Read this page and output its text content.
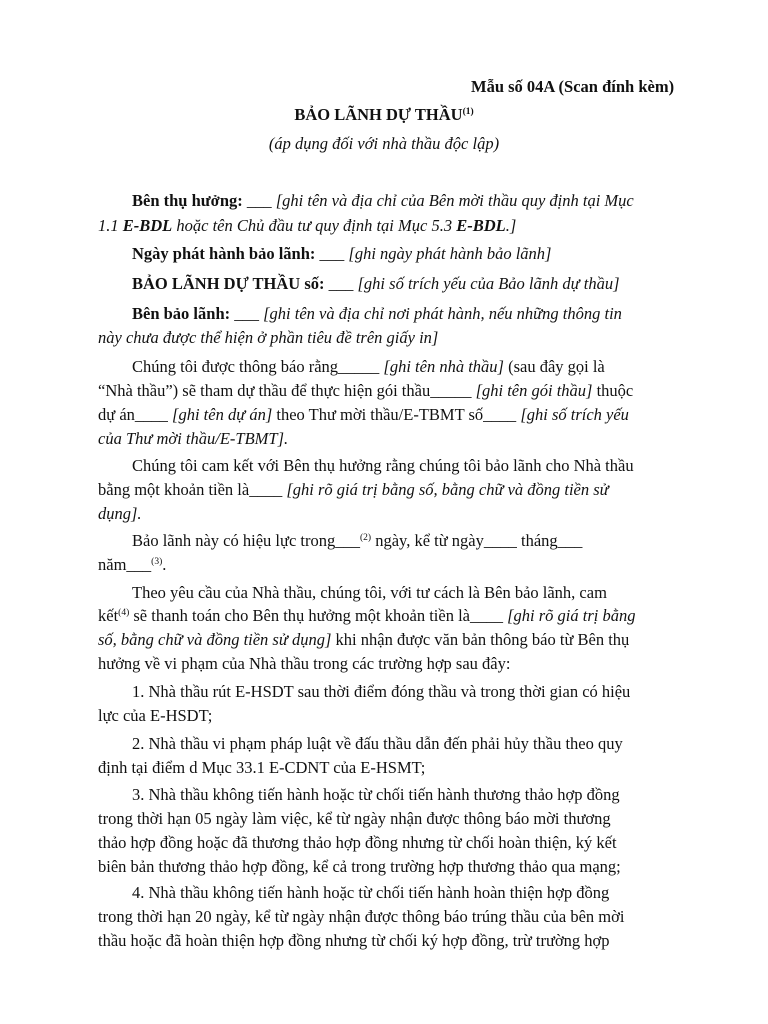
Mẫu số 04A (Scan đính kèm)
BẢO LÃNH DỰ THẦU$^{(1)}$
(áp dụng đối với nhà thầu độc lập)
Bên thụ hưởng: ___ [ghi tên và địa chỉ của Bên mời thầu quy định tại Mục
1.1 E-BDL hoặc tên Chủ đầu tư quy định tại Mục 5.3 E-BDL.]
Ngày phát hành bảo lãnh: ___ [ghi ngày phát hành bảo lãnh]
BẢO LÃNH DỰ THẦU số: ___ [ghi số trích yếu của Bảo lãnh dự thầu]
Bên bảo lãnh: ___ [ghi tên và địa chỉ nơi phát hành, nếu những thông tin
này chưa được thể hiện ở phần tiêu đề trên giấy in]
Chúng tôi được thông báo rằng_____ [ghi tên nhà thầu] (sau đây gọi là
“Nhà thầu”) sẽ tham dự thầu để thực hiện gói thầu_____ [ghi tên gói thầu] thuộc
dự án____ [ghi tên dự án] theo Thư mời thầu/E-TBMT số____ [ghi số trích yếu
của Thư mời thầu/E-TBMT].
Chúng tôi cam kết với Bên thụ hưởng rằng chúng tôi bảo lãnh cho Nhà thầu
bằng một khoản tiền là____ [ghi rõ giá trị bằng số, bằng chữ và đồng tiền sử
dụng].
Bảo lãnh này có hiệu lực trong___$^{(2)}$ ngày, kể từ ngày____ tháng___
năm___$^{(3)}$.
Theo yêu cầu của Nhà thầu, chúng tôi, với tư cách là Bên bảo lãnh, cam
kết$^{(4)}$ sẽ thanh toán cho Bên thụ hưởng một khoản tiền là____ [ghi rõ giá trị bằng
số, bằng chữ và đồng tiền sử dụng] khi nhận được văn bản thông báo từ Bên thụ
hưởng về vi phạm của Nhà thầu trong các trường hợp sau đây:
1. Nhà thầu rút E-HSDT sau thời điểm đóng thầu và trong thời gian có hiệu
lực của E-HSDT;
2. Nhà thầu vi phạm pháp luật về đấu thầu dẫn đến phải hủy thầu theo quy
định tại điểm d Mục 33.1 E-CDNT của E-HSMT;
3. Nhà thầu không tiến hành hoặc từ chối tiến hành thương thảo hợp đồng
trong thời hạn 05 ngày làm việc, kể từ ngày nhận được thông báo mời thương
thảo hợp đồng hoặc đã thương thảo hợp đồng nhưng từ chối hoàn thiện, ký kết
biên bản thương thảo hợp đồng, kể cả trong trường hợp thương thảo qua mạng;
4. Nhà thầu không tiến hành hoặc từ chối tiến hành hoàn thiện hợp đồng
trong thời hạn 20 ngày, kể từ ngày nhận được thông báo trúng thầu của bên mời
thầu hoặc đã hoàn thiện hợp đồng nhưng từ chối ký hợp đồng, trừ trường hợp
